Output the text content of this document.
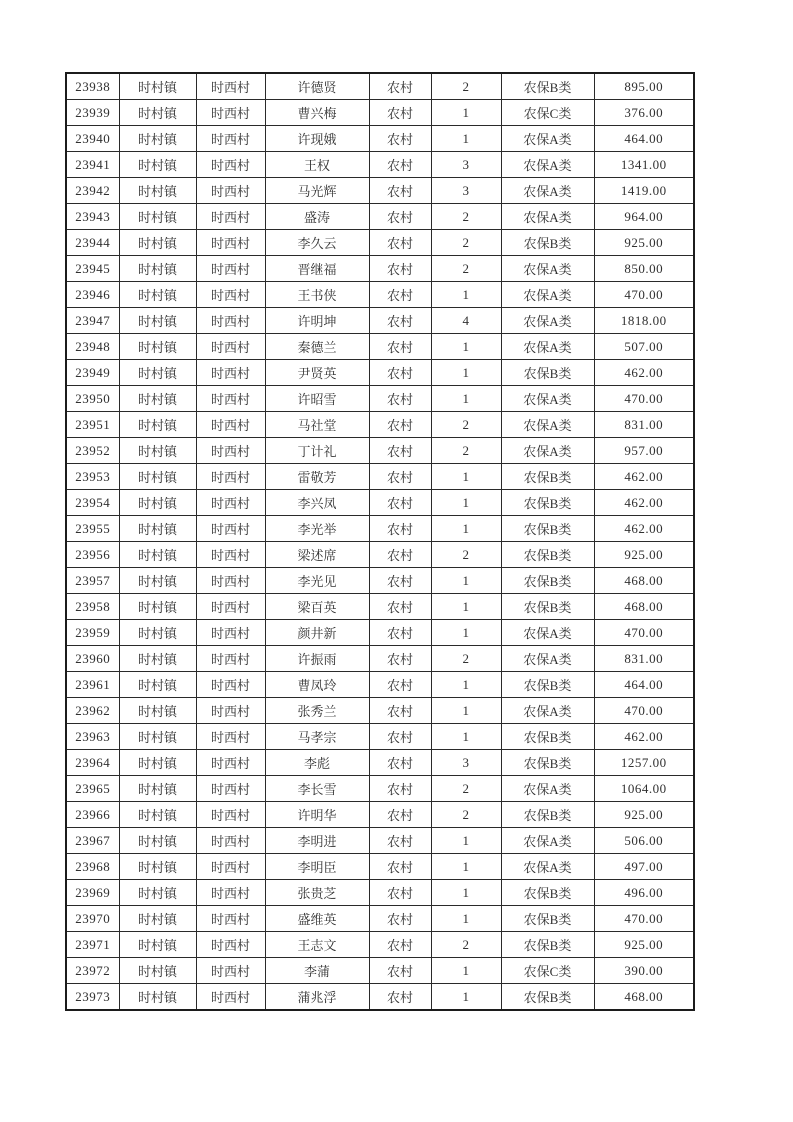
23938	时村镇	时西村	许德贤	农村	2	农保B类	895.00
23939	时村镇	时西村	曹兴梅	农村	1	农保C类	376.00
23940	时村镇	时西村	许现娥	农村	1	农保A类	464.00
23941	时村镇	时西村	王权	农村	3	农保A类	1341.00
23942	时村镇	时西村	马光辉	农村	3	农保A类	1419.00
23943	时村镇	时西村	盛涛	农村	2	农保A类	964.00
23944	时村镇	时西村	李久云	农村	2	农保B类	925.00
23945	时村镇	时西村	晋继福	农村	2	农保A类	850.00
23946	时村镇	时西村	王书侠	农村	1	农保A类	470.00
23947	时村镇	时西村	许明坤	农村	4	农保A类	1818.00
23948	时村镇	时西村	秦德兰	农村	1	农保A类	507.00
23949	时村镇	时西村	尹贤英	农村	1	农保B类	462.00
23950	时村镇	时西村	许昭雪	农村	1	农保A类	470.00
23951	时村镇	时西村	马社堂	农村	2	农保A类	831.00
23952	时村镇	时西村	丁计礼	农村	2	农保A类	957.00
23953	时村镇	时西村	雷敬芳	农村	1	农保B类	462.00
23954	时村镇	时西村	李兴凤	农村	1	农保B类	462.00
23955	时村镇	时西村	李光举	农村	1	农保B类	462.00
23956	时村镇	时西村	梁述席	农村	2	农保B类	925.00
23957	时村镇	时西村	李光见	农村	1	农保B类	468.00
23958	时村镇	时西村	梁百英	农村	1	农保B类	468.00
23959	时村镇	时西村	颜井新	农村	1	农保A类	470.00
23960	时村镇	时西村	许振雨	农村	2	农保A类	831.00
23961	时村镇	时西村	曹凤玲	农村	1	农保B类	464.00
23962	时村镇	时西村	张秀兰	农村	1	农保A类	470.00
23963	时村镇	时西村	马孝宗	农村	1	农保B类	462.00
23964	时村镇	时西村	李彪	农村	3	农保B类	1257.00
23965	时村镇	时西村	李长雪	农村	2	农保A类	1064.00
23966	时村镇	时西村	许明华	农村	2	农保B类	925.00
23967	时村镇	时西村	李明进	农村	1	农保A类	506.00
23968	时村镇	时西村	李明臣	农村	1	农保A类	497.00
23969	时村镇	时西村	张贵芝	农村	1	农保B类	496.00
23970	时村镇	时西村	盛维英	农村	1	农保B类	470.00
23971	时村镇	时西村	王志文	农村	2	农保B类	925.00
23972	时村镇	时西村	李蒲	农村	1	农保C类	390.00
23973	时村镇	时西村	蒲兆浮	农村	1	农保B类	468.00
